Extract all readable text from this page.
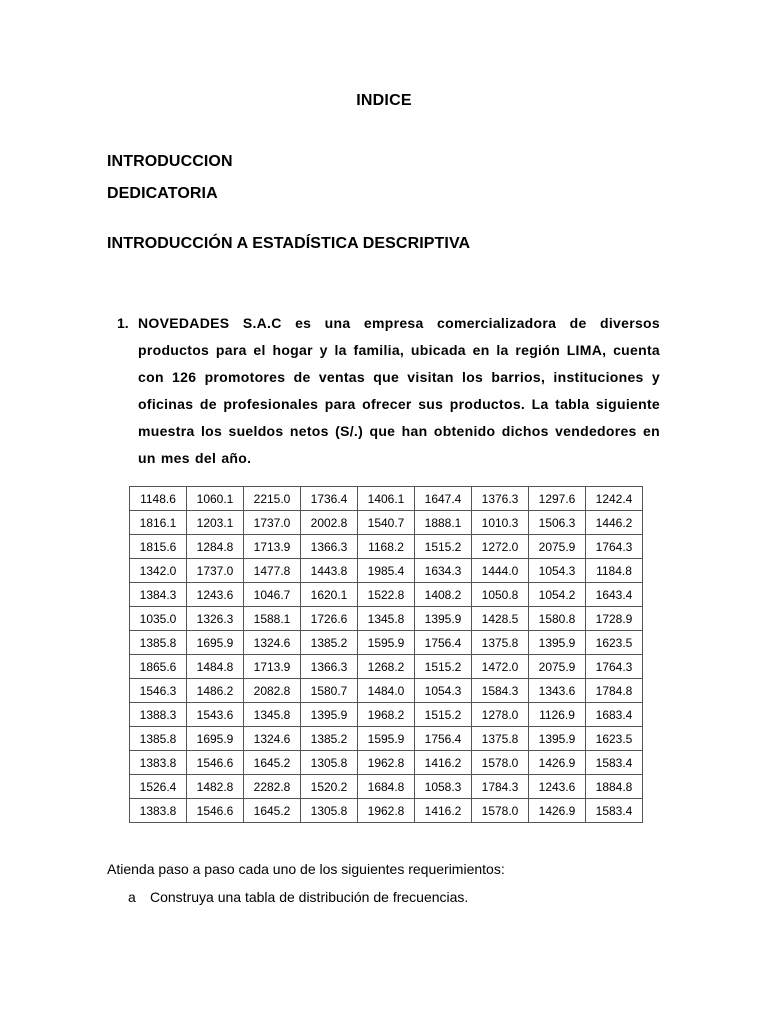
INDICE
INTRODUCCION
DEDICATORIA
INTRODUCCIÓN A ESTADÍSTICA DESCRIPTIVA
1. NOVEDADES S.A.C es una empresa comercializadora de diversos productos para el hogar y la familia, ubicada en la región LIMA, cuenta con 126 promotores de ventas que visitan los barrios, instituciones y oficinas de profesionales para ofrecer sus productos. La tabla siguiente muestra los sueldos netos (S/.) que han obtenido dichos vendedores en un mes del año.
1148.6	1060.1	2215.0	1736.4	1406.1	1647.4	1376.3	1297.6	1242.4
1816.1	1203.1	1737.0	2002.8	1540.7	1888.1	1010.3	1506.3	1446.2
1815.6	1284.8	1713.9	1366.3	1168.2	1515.2	1272.0	2075.9	1764.3
1342.0	1737.0	1477.8	1443.8	1985.4	1634.3	1444.0	1054.3	1184.8
1384.3	1243.6	1046.7	1620.1	1522.8	1408.2	1050.8	1054.2	1643.4
1035.0	1326.3	1588.1	1726.6	1345.8	1395.9	1428.5	1580.8	1728.9
1385.8	1695.9	1324.6	1385.2	1595.9	1756.4	1375.8	1395.9	1623.5
1865.6	1484.8	1713.9	1366.3	1268.2	1515.2	1472.0	2075.9	1764.3
1546.3	1486.2	2082.8	1580.7	1484.0	1054.3	1584.3	1343.6	1784.8
1388.3	1543.6	1345.8	1395.9	1968.2	1515.2	1278.0	1126.9	1683.4
1385.8	1695.9	1324.6	1385.2	1595.9	1756.4	1375.8	1395.9	1623.5
1383.8	1546.6	1645.2	1305.8	1962.8	1416.2	1578.0	1426.9	1583.4
1526.4	1482.8	2282.8	1520.2	1684.8	1058.3	1784.3	1243.6	1884.8
1383.8	1546.6	1645.2	1305.8	1962.8	1416.2	1578.0	1426.9	1583.4
Atienda paso a paso cada uno de los siguientes requerimientos:
a Construya una tabla de distribución de frecuencias.
